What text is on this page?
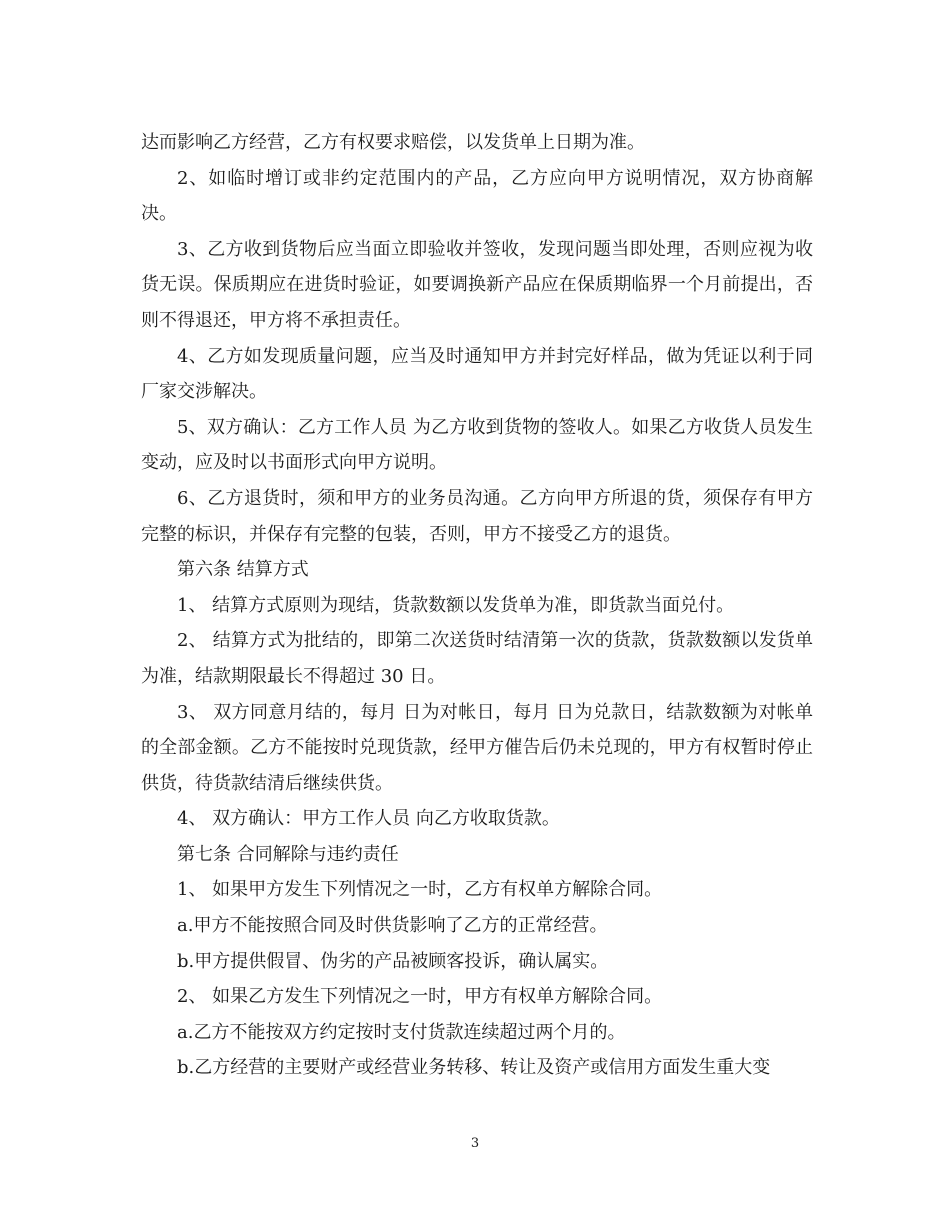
达而影响乙方经营，乙方有权要求赔偿，以发货单上日期为准。

2、如临时增订或非约定范围内的产品，乙方应向甲方说明情况，双方协商解决。

3、乙方收到货物后应当面立即验收并签收，发现问题当即处理，否则应视为收货无误。保质期应在进货时验证，如要调换新产品应在保质期临界一个月前提出，否则不得退还，甲方将不承担责任。

4、乙方如发现质量问题，应当及时通知甲方并封完好样品，做为凭证以利于同厂家交涉解决。

5、双方确认：乙方工作人员 为乙方收到货物的签收人。如果乙方收货人员发生变动，应及时以书面形式向甲方说明。

6、乙方退货时，须和甲方的业务员沟通。乙方向甲方所退的货，须保存有甲方完整的标识，并保存有完整的包装，否则，甲方不接受乙方的退货。

第六条 结算方式

1、 结算方式原则为现结，货款数额以发货单为准，即货款当面兑付。

2、 结算方式为批结的，即第二次送货时结清第一次的货款，货款数额以发货单为准，结款期限最长不得超过 30 日。

3、 双方同意月结的，每月 日为对帐日，每月 日为兑款日，结款数额为对帐单的全部金额。乙方不能按时兑现货款，经甲方催告后仍未兑现的，甲方有权暂时停止供货，待货款结清后继续供货。

4、 双方确认：甲方工作人员 向乙方收取货款。

第七条 合同解除与违约责任

1、 如果甲方发生下列情况之一时，乙方有权单方解除合同。

a.甲方不能按照合同及时供货影响了乙方的正常经营。

b.甲方提供假冒、伪劣的产品被顾客投诉，确认属实。

2、 如果乙方发生下列情况之一时，甲方有权单方解除合同。

a.乙方不能按双方约定按时支付货款连续超过两个月的。

b.乙方经营的主要财产或经营业务转移、转让及资产或信用方面发生重大变

3
